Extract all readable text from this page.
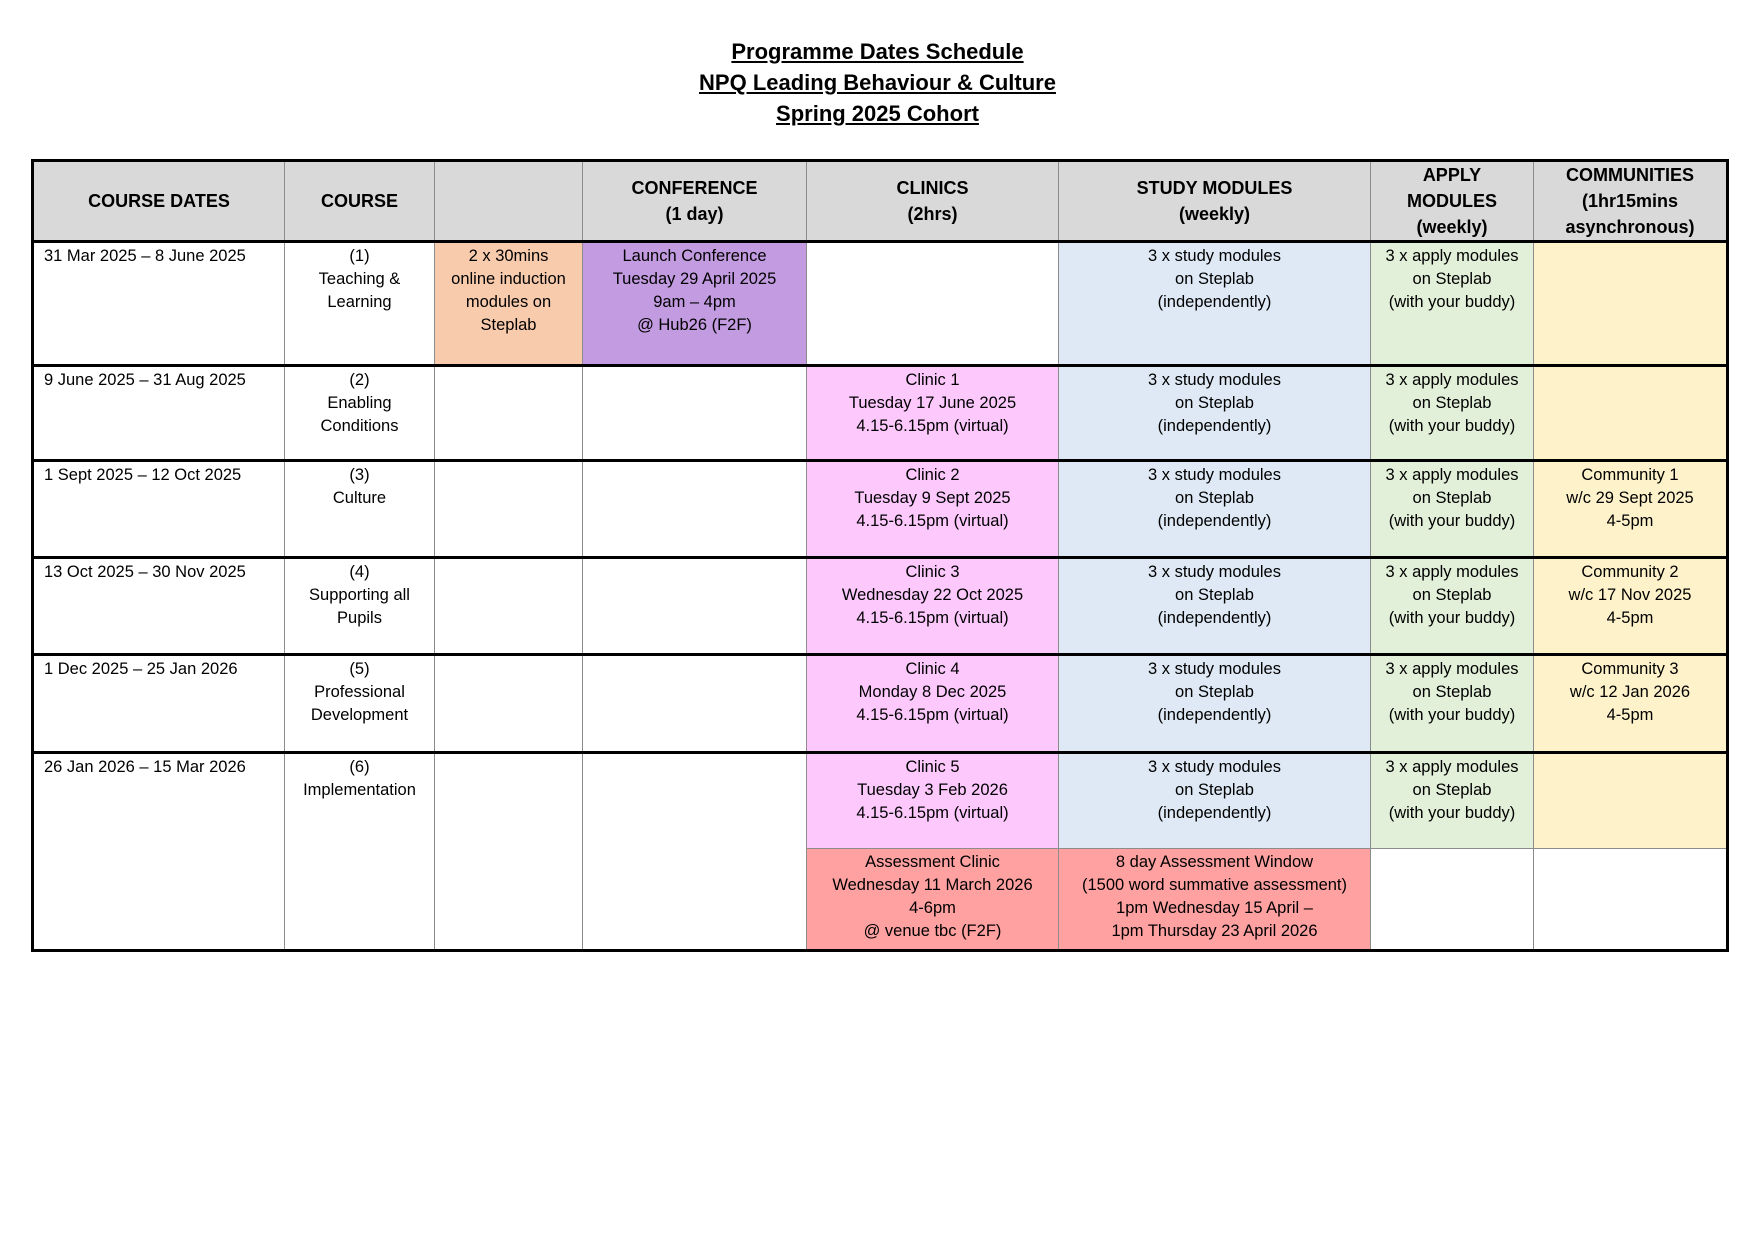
Programme Dates Schedule
NPQ Leading Behaviour & Culture
Spring 2025 Cohort
COURSE DATES	COURSE		CONFERENCE
(1 day)	CLINICS
(2hrs)	STUDY MODULES
(weekly)	APPLY
MODULES
(weekly)	COMMUNITIES
(1hr15mins
asynchronous)
31 Mar 2025 – 8 June 2025	(1)
Teaching &
Learning	2 x 30mins
online induction
modules on
Steplab	Launch Conference
Tuesday 29 April 2025
9am – 4pm
@ Hub26 (F2F)		3 x study modules
on Steplab
(independently)	3 x apply modules
on Steplab
(with your buddy)	
9 June 2025 – 31 Aug 2025	(2)
Enabling
Conditions			Clinic 1
Tuesday 17 June 2025
4.15-6.15pm (virtual)	3 x study modules
on Steplab
(independently)	3 x apply modules
on Steplab
(with your buddy)	
1 Sept 2025 – 12 Oct 2025	(3)
Culture			Clinic 2
Tuesday 9 Sept 2025
4.15-6.15pm (virtual)	3 x study modules
on Steplab
(independently)	3 x apply modules
on Steplab
(with your buddy)	Community 1
w/c 29 Sept 2025
4-5pm
13 Oct 2025 – 30 Nov 2025	(4)
Supporting all
Pupils			Clinic 3
Wednesday 22 Oct 2025
4.15-6.15pm (virtual)	3 x study modules
on Steplab
(independently)	3 x apply modules
on Steplab
(with your buddy)	Community 2
w/c 17 Nov 2025
4-5pm
1 Dec 2025 – 25 Jan 2026	(5)
Professional
Development			Clinic 4
Monday 8 Dec 2025
4.15-6.15pm (virtual)	3 x study modules
on Steplab
(independently)	3 x apply modules
on Steplab
(with your buddy)	Community 3
w/c 12 Jan 2026
4-5pm
26 Jan 2026 – 15 Mar 2026	(6)
Implementation			Clinic 5
Tuesday 3 Feb 2026
4.15-6.15pm (virtual)	3 x study modules
on Steplab
(independently)	3 x apply modules
on Steplab
(with your buddy)	
				Assessment Clinic
Wednesday 11 March 2026
4-6pm
@ venue tbc (F2F)	8 day Assessment Window
(1500 word summative assessment)
1pm Wednesday 15 April –
1pm Thursday 23 April 2026		
